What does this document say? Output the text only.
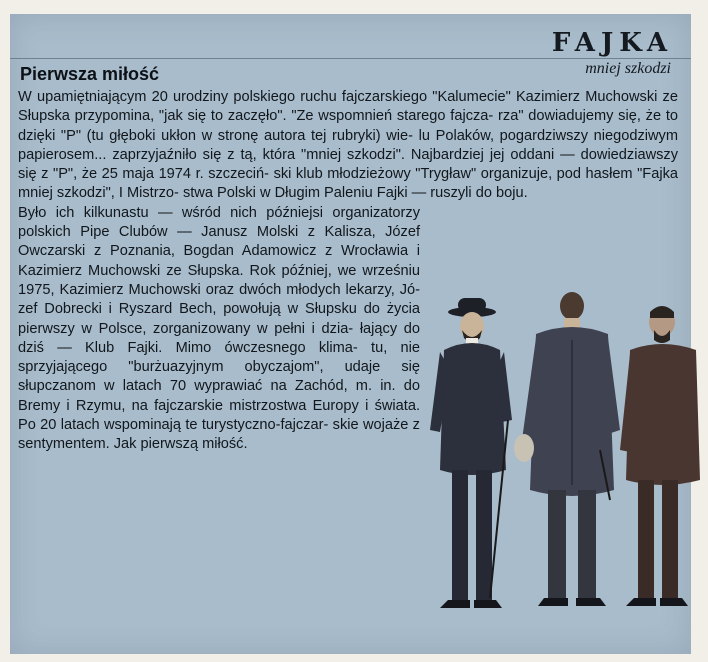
FAJKA
mniej szkodzi
Pierwsza miłość

W upamiętniającym 20 urodziny polskiego ruchu fajczarskiego "Kalumecie" Kazimierz Muchowski ze Słupska przypomina, "jak się to zaczęło". "Ze wspomnień starego fajcza- rza" dowiadujemy się, że to dzięki "P" (tu głęboki ukłon w stronę autora tej rubryki) wie- lu Polaków, pogardziwszy niegodziwym papierosem... zaprzyjaźniło się z tą, która "mniej szkodzi". Najbardziej jej oddani — dowiedziawszy się z "P", że 25 maja 1974 r. szczeciń- ski klub młodzieżowy "Trygław" organizuje, pod hasłem "Fajka mniej szkodzi", I Mistrzo- stwa Polski w Długim Paleniu Fajki — ruszyli do boju.

Było ich kilkunastu — wśród nich późniejsi organizatorzy polskich Pipe Clubów — Janusz Molski z Kalisza, Józef Owczarski z Poznania, Bogdan Adamowicz z Wrocławia i Kazimierz Muchowski ze Słupska. Rok później, we wrześniu 1975, Kazimierz Muchowski oraz dwóch młodych lekarzy, Jó- zef Dobrecki i Ryszard Bech, powołują w Słupsku do życia pierwszy w Polsce, zorganizowany w pełni i dzia- łający do dziś — Klub Fajki. Mimo ówczesnego klima- tu, nie sprzyjającego "burżuazyjnym obyczajom", udaje się słupczanom w latach 70 wyprawiać na Zachód, m. in. do Bremy i Rzymu, na fajczarskie mistrzostwa Europy i świata. Po 20 latach wspominają te turystyczno-fajczar- skie wojaże z sentymentem. Jak pierwszą miłość.
